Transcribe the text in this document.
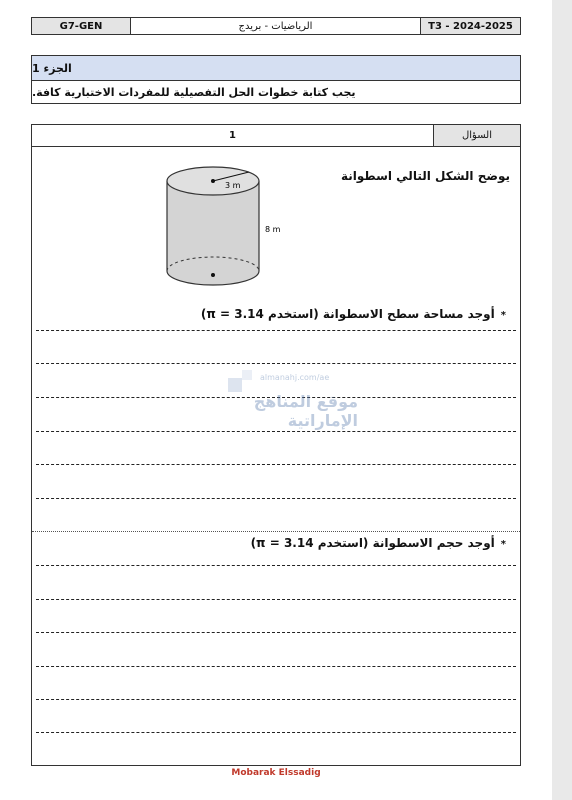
G7-GEN	الرياضيات - بريدج	T3 - 2024-2025
الجزء 1
يجب كتابة خطوات الحل التفصيلية للمفردات الاختبارية كافة.
1	السؤال
يوضح الشكل التالي اسطوانة
3 m
8 m
*أوجد مساحة سطح الاسطوانة (استخدم π = 3.14)
*أوجد حجم الاسطوانة (استخدم π = 3.14)
almanahj.com/ae
موقع المناهج الإماراتية
Mobarak Elssadig
